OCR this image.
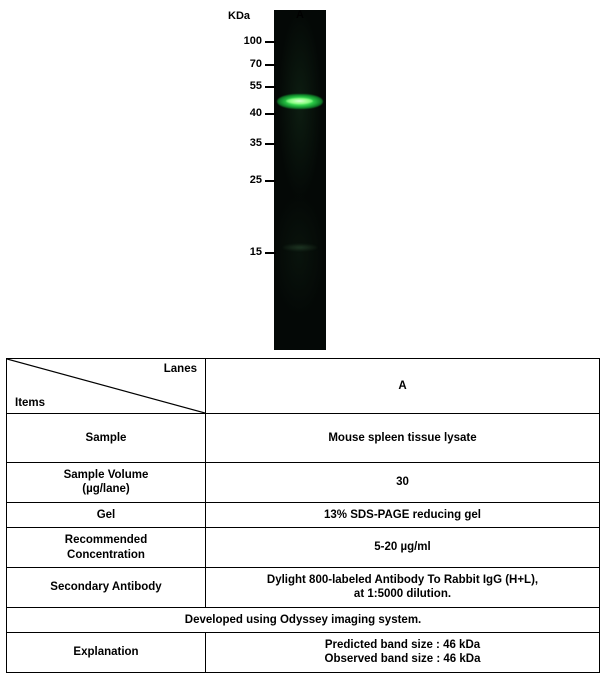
KDa	A
100
70
55
40
35
25
15
Lanes
Items	A
Sample	Mouse spleen tissue lysate

Sample Volume
(µg/lane)	30
Gel	13% SDS-PAGE reducing gel

Recommended
Concentration	5-20 µg/ml
Secondary Antibody	Dylight 800-labeled Antibody To Rabbit IgG (H+L),
at 1:5000 dilution.

Developed using Odyssey imaging system.	
Explanation	Predicted band size : 46 kDa
Observed band size : 46 kDa
